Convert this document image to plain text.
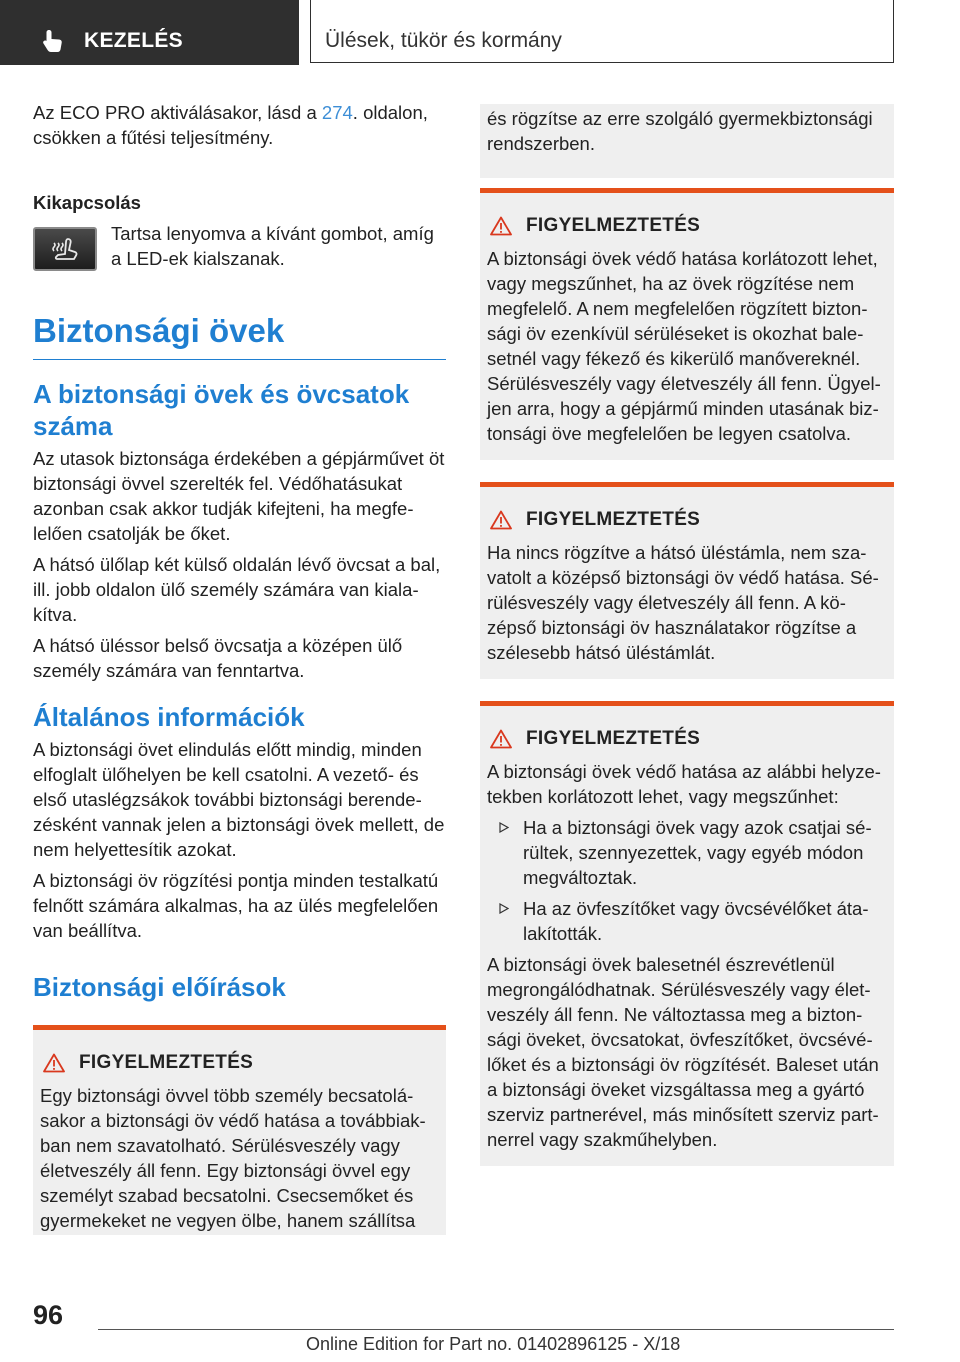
KEZELÉS	Ülések, tükör és kormány

Az ECO PRO aktiválásakor, lásd a 274. oldalon, csökken a fűtési teljesítmény.

Kikapcsolás

Tartsa lenyomva a kívánt gombot, amíg a LED-ek kialszanak.

Biztonsági övek
A biztonsági övek és övcsatok száma

Az utasok biztonsága érdekében a gépjárművet öt biztonsági övvel szerelték fel. Védőhatásukat azonban csak akkor tudják kifejteni, ha megfelelően csatolják be őket.

A hátsó ülőlap két külső oldalán lévő övcsat a bal, ill. jobb oldalon ülő személy számára van kialakítva.

A hátsó üléssor belső övcsatja a középen ülő személy számára van fenntartva.

Általános információk

A biztonsági övet elindulás előtt mindig, minden elfoglalt ülőhelyen be kell csatolni. A vezető- és első utaslégzsákok további biztonsági berendezésként vannak jelen a biztonsági övek mellett, de nem helyettesítik azokat.

A biztonsági öv rögzítési pontja minden testalkatú felnőtt számára alkalmas, ha az ülés megfelelően van beállítva.

Biztonsági előírások
FIGYELMEZTETÉS

Egy biztonsági övvel több személy becsatolásakor a biztonsági öv védő hatása a továbbiakban nem szavatolható. Sérülésveszély vagy életveszély áll fenn. Egy biztonsági övvel egy személyt szabad becsatolni. Csecsemőket és gyermekeket ne vegyen ölbe, hanem szállítsa

és rögzítse az erre szolgáló gyermekbiztonsági rendszerben.

FIGYELMEZTETÉS

A biztonsági övek védő hatása korlátozott lehet, vagy megszűnhet, ha az övek rögzítése nem megfelelő. A nem megfelelően rögzített biztonsági öv ezenkívül sérüléseket is okozhat balesetnél vagy fékező és kikerülő manővereknél. Sérülésveszély vagy életveszély áll fenn. Ügyeljen arra, hogy a gépjármű minden utasának biztonsági öve megfelelően be legyen csatolva.

FIGYELMEZTETÉS

Ha nincs rögzítve a hátsó üléstámla, nem szavatolt a középső biztonsági öv védő hatása. Sérülésveszély vagy életveszély áll fenn. A középső biztonsági öv használatakor rögzítse a szélesebb hátsó üléstámlát.

FIGYELMEZTETÉS

A biztonsági övek védő hatása az alábbi helyzetekben korlátozott lehet, vagy megszűnhet:

Ha a biztonsági övek vagy azok csatjai sérültek, szennyezettek, vagy egyéb módon megváltoztak.
Ha az övfeszítőket vagy övcsévélőket átalakították.

A biztonsági övek balesetnél észrevétlenül megrongálódhatnak. Sérülésveszély vagy életveszély áll fenn. Ne változtassa meg a biztonsági öveket, övcsatokat, övfeszítőket, övcsévélőket és a biztonsági öv rögzítését. Baleset után a biztonsági öveket vizsgáltassa meg a gyártó szerviz partnerével, más minősített szerviz partnerrel vagy szakműhelyben.

96
Online Edition for Part no. 01402896125 - X/18
